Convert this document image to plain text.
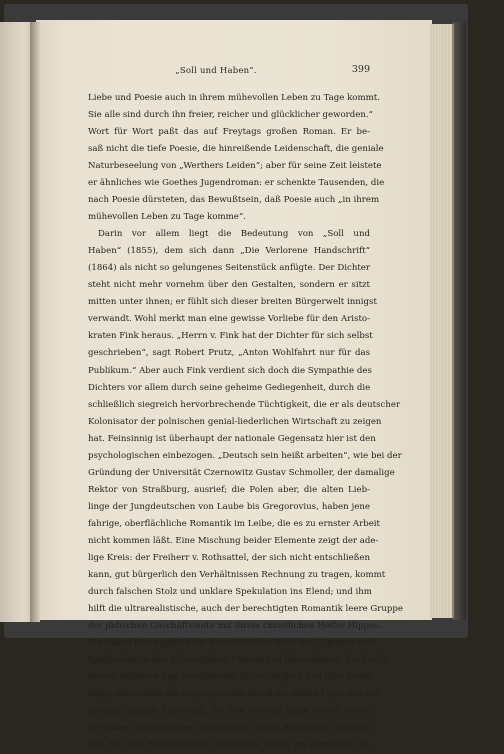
„Soll und Haben“.	399
Liebe und Poesie auch in ihrem mühevollen Leben zu Tage kommt.
Sie alle sind durch ihn freier, reicher und glücklicher geworden.“
Wort für Wort paßt das auf Freytags großen Roman. Er be-
saß nicht die tiefe Poesie, die hinreißende Leidenschaft, die geniale
Naturbeseelung von „Werthers Leiden“; aber für seine Zeit leistete
er ähnliches wie Goethes Jugendroman: er schenkte Tausenden, die
nach Poesie dürsteten, das Bewußtsein, daß Poesie auch „in ihrem
mühevollen Leben zu Tage komme“.
Darin vor allem liegt die Bedeutung von „Soll und
Haben“ (1855), dem sich dann „Die Verlorene Handschrift“
(1864) als nicht so gelungenes Seitenstück anfügte. Der Dichter
steht nicht mehr vornehm über den Gestalten, sondern er sitzt
mitten unter ihnen; er fühlt sich dieser breiten Bürgerwelt innigst
verwandt. Wohl merkt man eine gewisse Vorliebe für den Aristo-
kraten Fink heraus. „Herrn v. Fink hat der Dichter für sich selbst
geschrieben“, sagt Robert Prutz, „Anton Wohlfahrt nur für das
Publikum.“ Aber auch Fink verdient sich doch die Sympathie des
Dichters vor allem durch seine geheime Gediegenheit, durch die
schließlich siegreich hervorbrechende Tüchtigkeit, die er als deutscher
Kolonisator der polnischen genial-liederlichen Wirtschaft zu zeigen
hat. Feinsinnig ist überhaupt der nationale Gegensatz hier ist den
psychologischen einbezogen. „Deutsch sein heißt arbeiten“, wie bei der
Gründung der Universität Czernowitz Gustav Schmoller, der damalige
Rektor von Straßburg, ausrief; die Polen aber, die alten Lieb-
linge der Jungdeutschen von Laube bis Gregorovius, haben jene
fahrige, oberflächliche Romantik im Leibe, die es zu ernster Arbeit
nicht kommen läßt. Eine Mischung beider Elemente zeigt der ade-
lige Kreis: der Freiherr v. Rothsattel, der sich nicht entschließen
kann, gut bürgerlich den Verhältnissen Rechnung zu tragen, kommt
durch falschen Stolz und unklare Spekulation ins Elend; und ihm
hilft die ultrarealistische, auch der berechtigten Romantik leere Gruppe
der jüdischen Geschäftsleute mit ihrem christlichen Helfer Hippus.
Sie haben hier zugleich die humoristische Rolle der Zigeuner und
Spitzbuben in den Schauspielen Freytags zu übernehmen; die durch
keinen milderen Zug versöhnende Schlechtigkeit und Gier Veitel
Itzigs aber erhält ein Gegengewicht durch die ideale Figur des tod-
kranken jungen Ehrenthal, für den Freytag Züge seines lieben
Freundes, des jüdischen Journalisten Jakob Kauffmann, benutzt
hat. Bei den Nebenfiguren, besonders denen im Comptoir, be-
